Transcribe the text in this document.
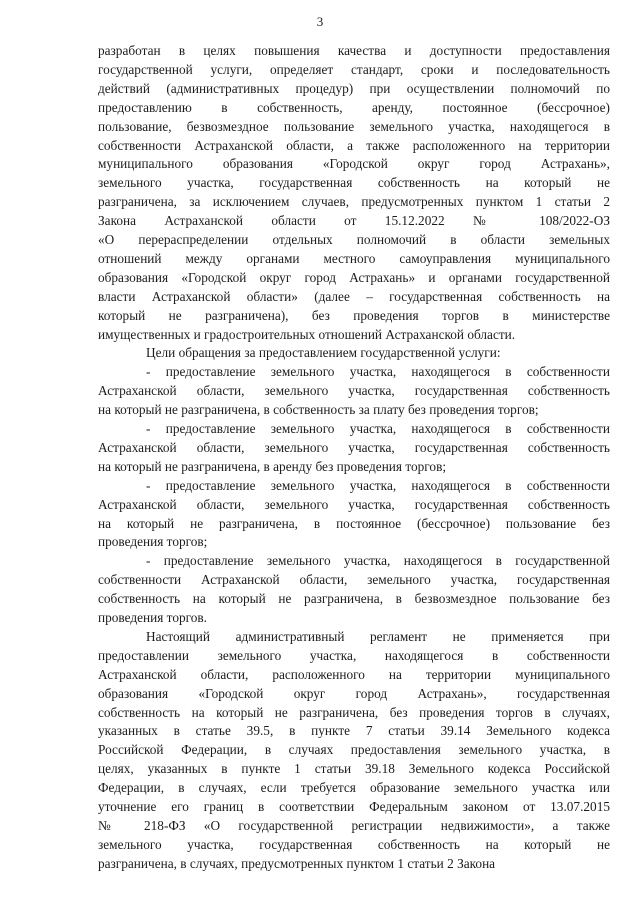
3
разработан в целях повышения качества и доступности предоставления
государственной услуги, определяет стандарт, сроки и последовательность
действий (административных процедур) при осуществлении полномочий по
предоставлению в собственность, аренду, постоянное (бессрочное)
пользование, безвозмездное пользование земельного участка, находящегося в
собственности Астраханской области, а также расположенного на территории
муниципального образования «Городской округ город Астрахань»,
земельного участка, государственная собственность на который не
разграничена, за исключением случаев, предусмотренных пунктом 1 статьи 2
Закона Астраханской области от 15.12.2022 № 108/2022-ОЗ
«О перераспределении отдельных полномочий в области земельных
отношений между органами местного самоуправления муниципального
образования «Городской округ город Астрахань» и органами государственной
власти Астраханской области» (далее – государственная собственность на
который не разграничена), без проведения торгов в министерстве
имущественных и градостроительных отношений Астраханской области.
Цели обращения за предоставлением государственной услуги:
- предоставление земельного участка, находящегося в собственности
Астраханской области, земельного участка, государственная собственность
на который не разграничена, в собственность за плату без проведения торгов;
- предоставление земельного участка, находящегося в собственности
Астраханской области, земельного участка, государственная собственность
на который не разграничена, в аренду без проведения торгов;
- предоставление земельного участка, находящегося в собственности
Астраханской области, земельного участка, государственная собственность
на который не разграничена, в постоянное (бессрочное) пользование без
проведения торгов;
- предоставление земельного участка, находящегося в государственной
собственности Астраханской области, земельного участка, государственная
собственность на который не разграничена, в безвозмездное пользование без
проведения торгов.
Настоящий административный регламент не применяется при
предоставлении земельного участка, находящегося в собственности
Астраханской области, расположенного на территории муниципального
образования «Городской округ город Астрахань», государственная
собственность на который не разграничена, без проведения торгов в случаях,
указанных в статье 39.5, в пункте 7 статьи 39.14 Земельного кодекса
Российской Федерации, в случаях предоставления земельного участка, в
целях, указанных в пункте 1 статьи 39.18 Земельного кодекса Российской
Федерации, в случаях, если требуется образование земельного участка или
уточнение его границ в соответствии Федеральным законом от 13.07.2015
№ 218-ФЗ «О государственной регистрации недвижимости», а также
земельного участка, государственная собственность на который не
разграничена, в случаях, предусмотренных пунктом 1 статьи 2 Закона
